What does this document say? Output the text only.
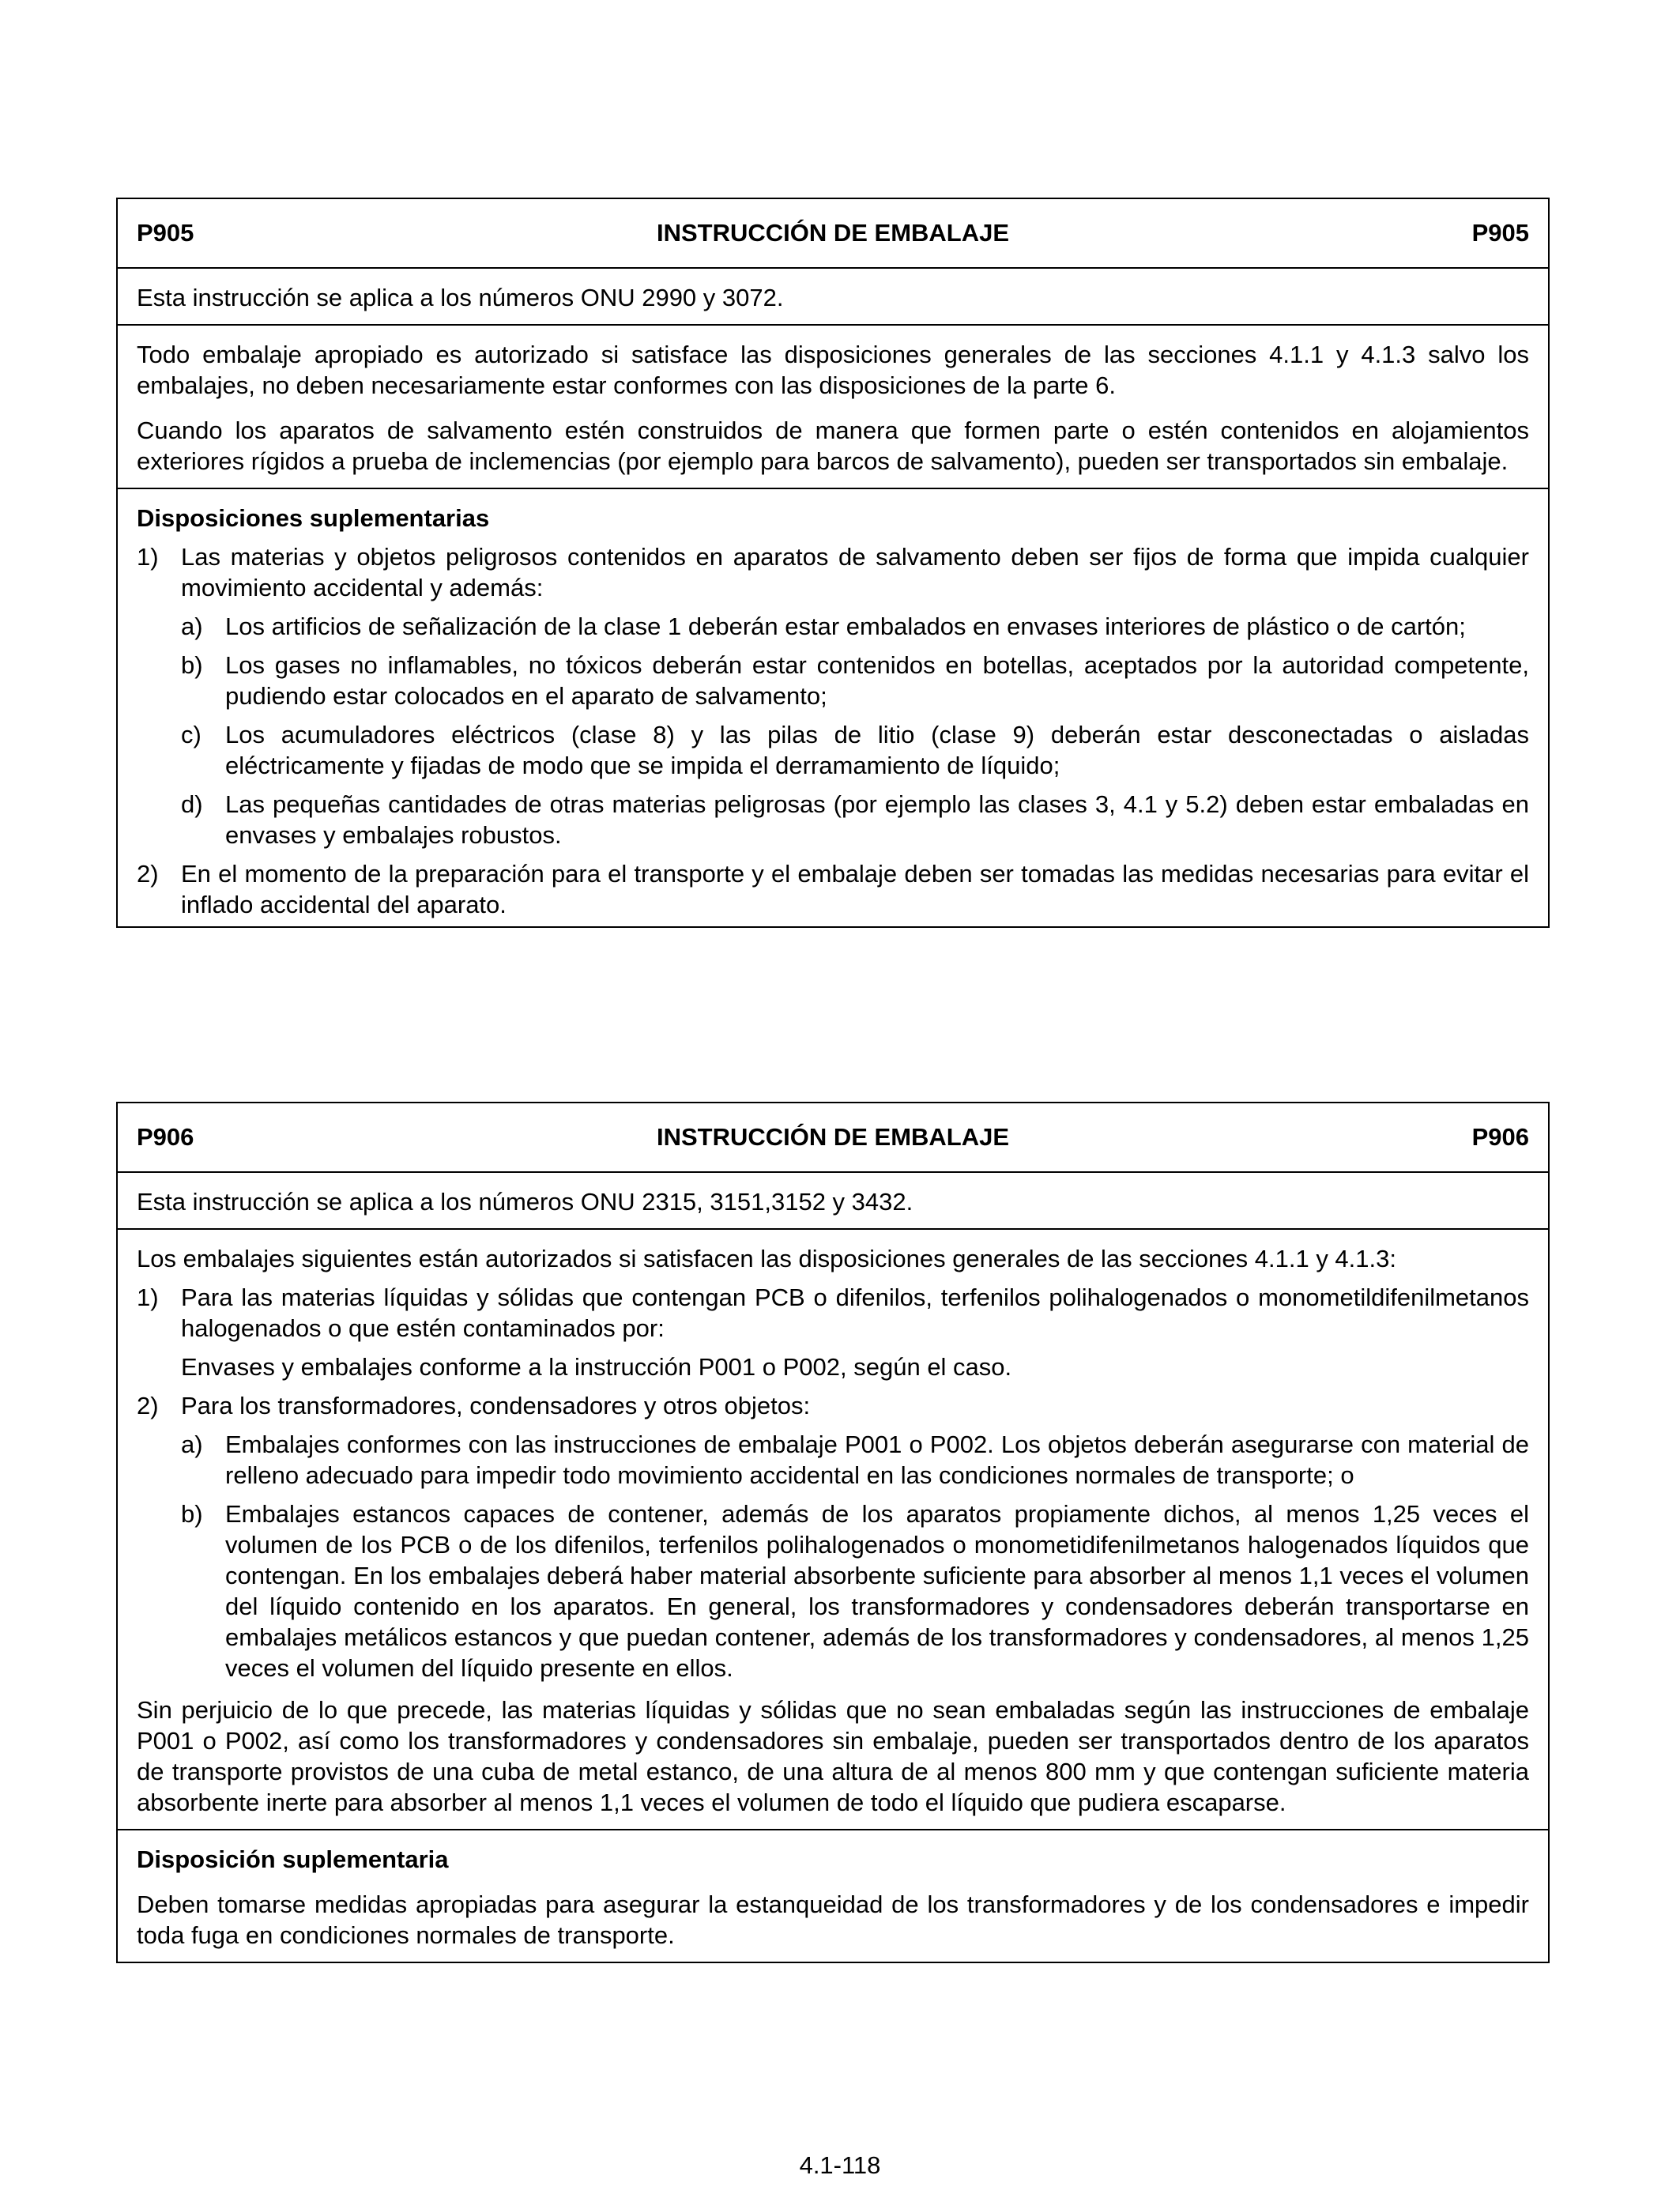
P905	INSTRUCCIÓN DE EMBALAJE	P905

Esta instrucción se aplica a los números ONU 2990 y 3072.

Todo embalaje apropiado es autorizado si satisface las disposiciones generales de las secciones 4.1.1 y 4.1.3 salvo los embalajes, no deben necesariamente estar conformes con las disposiciones de la parte 6.

Cuando los aparatos de salvamento estén construidos de manera que formen parte o estén contenidos en alojamientos exteriores rígidos a prueba de inclemencias (por ejemplo para barcos de salvamento), pueden ser transportados sin embalaje.

Disposiciones suplementarias

1) Las materias y objetos peligrosos contenidos en aparatos de salvamento deben ser fijos de forma que impida cualquier movimiento accidental y además:
a) Los artificios de señalización de la clase 1 deberán estar embalados en envases interiores de plástico o de cartón;
b) Los gases no inflamables, no tóxicos deberán estar contenidos en botellas, aceptados por la autoridad competente, pudiendo estar colocados en el aparato de salvamento;
c) Los acumuladores eléctricos (clase 8) y las pilas de litio (clase 9) deberán estar desconectadas o aisladas eléctricamente y fijadas de modo que se impida el derramamiento de líquido;
d) Las pequeñas cantidades de otras materias peligrosas (por ejemplo las clases 3, 4.1 y 5.2) deben estar embaladas en envases y embalajes robustos.
2) En el momento de la preparación para el transporte y el embalaje deben ser tomadas las medidas necesarias para evitar el inflado accidental del aparato.
P906	INSTRUCCIÓN DE EMBALAJE	P906

Esta instrucción se aplica a los números ONU 2315, 3151,3152 y 3432.

Los embalajes siguientes están autorizados si satisfacen las disposiciones generales de las secciones 4.1.1 y 4.1.3:

1) Para las materias líquidas y sólidas que contengan PCB o difenilos, terfenilos polihalogenados o monometildifenilmetanos halogenados o que estén contaminados por:
Envases y embalajes conforme a la instrucción P001 o P002, según el caso.
2) Para los transformadores, condensadores y otros objetos:
a) Embalajes conformes con las instrucciones de embalaje P001 o P002. Los objetos deberán asegurarse con material de relleno adecuado para impedir todo movimiento accidental en las condiciones normales de transporte; o
b) Embalajes estancos capaces de contener, además de los aparatos propiamente dichos, al menos 1,25 veces el volumen de los PCB o de los difenilos, terfenilos polihalogenados o monometidifenilmetanos halogenados líquidos que contengan. En los embalajes deberá haber material absorbente suficiente para absorber al menos 1,1 veces el volumen del líquido contenido en los aparatos. En general, los transformadores y condensadores deberán transportarse en embalajes metálicos estancos y que puedan contener, además de los transformadores y condensadores, al menos 1,25 veces el volumen del líquido presente en ellos.

Sin perjuicio de lo que precede, las materias líquidas y sólidas que no sean embaladas según las instrucciones de embalaje P001 o P002, así como los transformadores y condensadores sin embalaje, pueden ser transportados dentro de los aparatos de transporte provistos de una cuba de metal estanco, de una altura de al menos 800 mm y que contengan suficiente materia absorbente inerte para absorber al menos 1,1 veces el volumen de todo el líquido que pudiera escaparse.

Disposición suplementaria

Deben tomarse medidas apropiadas para asegurar la estanqueidad de los transformadores y de los condensadores e impedir toda fuga en condiciones normales de transporte.

4.1-118
